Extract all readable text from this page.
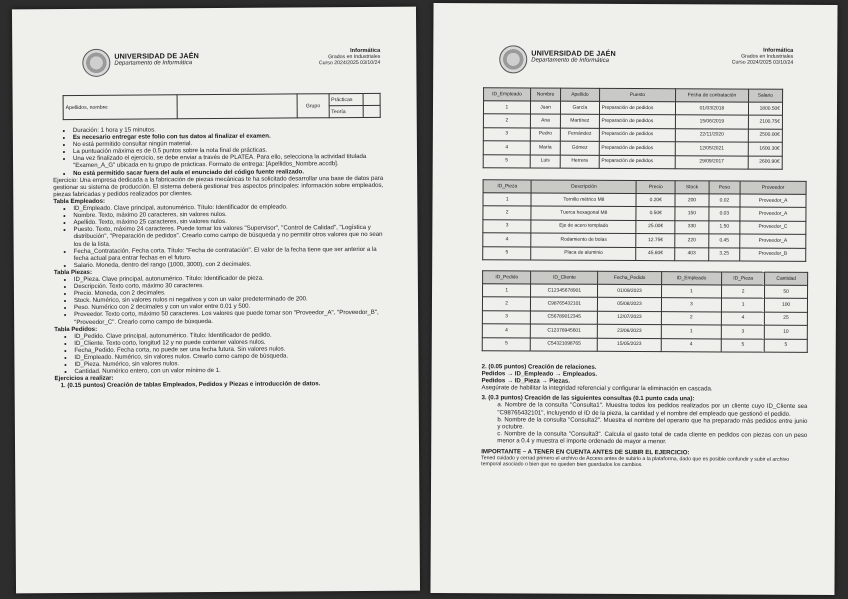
UNIVERSIDAD DE JAÉN
Departamento de Informática
Informática
Grados en Industriales
Curso 2024/2025 03/10/24
Apellidos, nombre:		Grupo	Prácticas	
			Teoría	
• Duración: 1 hora y 15 minutos.
• Es necesario entregar este folio con tus datos al finalizar el examen.
• No está permitido consultar ningún material.
• La puntuación máxima es de 0.5 puntos sobre la nota final de prácticas.
• Una vez finalizado el ejercicio, se debe enviar a través de PLATEA. Para ello, selecciona la actividad titulada "Examen_A_G" ubicada en tu grupo de prácticas. Formato de entrega: [Apellidos_Nombre.accdb].
• No está permitido sacar fuera del aula el enunciado del código fuente realizado.

Ejercicio: Una empresa dedicada a la fabricación de piezas mecánicas te ha solicitado desarrollar una base de datos para gestionar su sistema de producción. El sistema deberá gestionar tres aspectos principales: información sobre empleados, piezas fabricadas y pedidos realizados por clientes.

Tabla Empleados:

• ID_Empleado. Clave principal, autonumérico. Título: Identificador de empleado.
• Nombre. Texto, máximo 20 caracteres, sin valores nulos.
• Apellido. Texto, máximo 25 caracteres, sin valores nulos.
• Puesto. Texto, máximo 24 caracteres. Puede tomar los valores "Supervisor", "Control de Calidad", "Logística y distribución", "Preparación de pedidos". Crearlo como campo de búsqueda y no permitir otros valores que no sean los de la lista.
• Fecha_Contratación. Fecha corta. Título: "Fecha de contratación". El valor de la fecha tiene que ser anterior a la fecha actual para entrar fechas en el futuro.
• Salario. Moneda, dentro del rango (1000, 3000), con 2 decimales.

Tabla Piezas:

• ID_Pieza. Clave principal, autonumérico. Título: Identificador de pieza.
• Descripción. Texto corto, máximo 30 caracteres.
• Precio. Moneda, con 2 decimales.
• Stock. Numérico, sin valores nulos ni negativos y con un valor predeterminado de 200.
• Peso. Numérico con 2 decimales y con un valor entre 0.01 y 500.
• Proveedor. Texto corto, máximo 50 caracteres. Los valores que puede tomar son "Proveedor_A", "Proveedor_B", "Proveedor_C". Crearlo como campo de búsqueda.

Tabla Pedidos:

• ID_Pedido. Clave principal, autonumérico. Título: Identificador de pedido.
• ID_Cliente. Texto corto, longitud 12 y no puede contener valores nulos.
• Fecha_Pedido. Fecha corta, no puede ser una fecha futura. Sin valores nulos.
• ID_Empleado. Numérico, sin valores nulos. Crearlo como campo de búsqueda.
• ID_Pieza. Numérico, sin valores nulos.
• Cantidad. Numérico entero, con un valor mínimo de 1.

Ejercicios a realizar:

1. (0.15 puntos) Creación de tablas Empleados, Pedidos y Piezas e introducción de datos.

UNIVERSIDAD DE JAÉN
Departamento de Informática
Informática
Grados en Industriales
Curso 2024/2025 03/10/24
ID_Empleado	Nombre	Apellido	Puesto	Fecha de contratación	Salario
1	Juan	García	Preparación de pedidos	01/03/2018	1800.50€
2	Ana	Martínez	Preparación de pedidos	15/06/2019	2100.75€
3	Pedro	Fernández	Preparación de pedidos	22/11/2020	2500.00€
4	María	Gómez	Preparación de pedidos	12/05/2021	1600.30€
5	Luis	Herrera	Preparación de pedidos	29/09/2017	2600.90€
ID_Pieza	Descripción	Precio	Stock	Peso	Proveedor
1	Tornillo métrico M8	0.20€	200	0.02	Proveedor_A
2	Tuerca hexagonal M8	0.50€	150	0.03	Proveedor_A
3	Eje de acero templado	25.00€	330	1.50	Proveedor_C
4	Rodamiento de bolas	12.75€	220	0.45	Proveedor_A
5	Placa de aluminio	45.60€	403	3.25	Proveedor_B
ID_Pedido	ID_Cliente	Fecha_Pedido	ID_Empleado	ID_Pieza	Cantidad
1	C12345678901	01/09/2023	1	2	50
2	C98765432101	05/08/2023	3	1	100
3	C56789012345	12/07/2023	2	4	25
4	C12378945601	23/06/2023	1	3	10
5	C54321098765	15/05/2023	4	5	5

2. (0.05 puntos) Creación de relaciones.

Pedidos → ID_Empleado → Empleados.

Pedidos → ID_Pieza → Piezas.

Asegúrate de habilitar la integridad referencial y configurar la eliminación en cascada.

3. (0.3 puntos) Creación de las siguientes consultas (0.1 punto cada una):

a. Nombre de la consulta "Consulta1". Muestra todos los pedidos realizados por un cliente cuyo ID_Cliente sea "C98765432101", incluyendo el ID de la pieza, la cantidad y el nombre del empleado que gestionó el pedido.

b. Nombre de la consulta "Consulta2". Muestra el nombre del operario que ha preparado más pedidos entre junio y octubre.

c. Nombre de la consulta "Consulta3". Calcula el gasto total de cada cliente en pedidos con piezas con un peso menor a 0.4 y muestra el importe ordenado de mayor a menor.

IMPORTANTE – A TENER EN CUENTA ANTES DE SUBIR EL EJERCICIO:

Tened cuidado y cerrad primero el archivo de Access antes de subirlo a la plataforma, dado que es posible confundir y subir el archivo temporal asociado o bien que no queden bien guardados los cambios.
